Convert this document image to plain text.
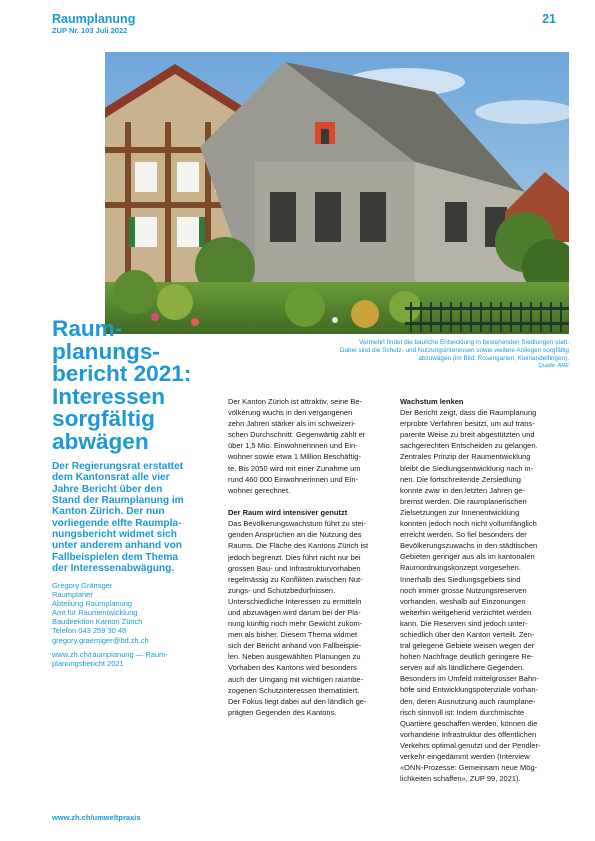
Raumplanung
ZUP Nr. 103 Juli 2022
21
Vermehrt findet die bauliche Entwicklung in bestehenden Siedlungen statt.
Dabei sind die Schutz- und Nutzungsinteressen sowie weitere Anliegen sorgfältig
abzuwägen (im Bild: Rosengarten, Kleinandelfingen).
Quelle: ARE
Raum-
planungs-
bericht 2021:
Interessen
sorgfältig
abwägen
Der Regierungsrat erstattet
dem Kantonsrat alle vier
Jahre Bericht über den
Stand der Raumplanung im
Kanton Zürich. Der nun
vorliegende elfte Raumpla-
nungsbericht widmet sich
unter anderem anhand von
Fallbeispielen dem Thema
der Interessenabwägung.
Gregory Grämiger
Raumplaner
Abteilung Raumplanung
Amt für Raumentwicklung
Baudirektion Kanton Zürich
Telefon 043 259 30 48
gregory.graemiger@bd.zh.ch
www.zh.ch/raumplanung — Raum-
planungsbericht 2021

Der Kanton Zürich ist attraktiv, seine Be-
völkerung wuchs in den vergangenen
zehn Jahren stärker als im schweizeri-
schen Durchschnitt. Gegenwärtig zählt er
über 1,5 Mio. Einwohnerinnen und Ein-
wohner sowie etwa 1 Million Beschäftig-
te. Bis 2050 wird mit einer Zunahme um
rund 460 000 Einwohnerinnen und Ein-
wohner gerechnet.

Der Raum wird intensiver genutzt

Das Bevölkerungswachstum führt zu stei-
genden Ansprüchen an die Nutzung des
Raums. Die Fläche des Kantons Zürich ist
jedoch begrenzt. Dies führt nicht nur bei
grossen Bau- und Infrastrukturvorhaben
regelmässig zu Konflikten zwischen Nut-
zungs- und Schutzbedürfnissen.
Unterschiedliche Interessen zu ermitteln
und abzuwägen wird darum bei der Pla-
nung künftig noch mehr Gewicht zukom-
men als bisher. Diesem Thema widmet
sich der Bericht anhand von Fallbeispie-
len. Neben ausgewählten Planungen zu
Vorhaben des Kantons wird besonders
auch der Umgang mit wichtigen raumbe-
zogenen Schutzinteressen thematisiert.
Der Fokus liegt dabei auf den ländlich ge-
prägten Gegenden des Kantons.

Wachstum lenken

Der Bericht zeigt, dass die Raumplanung
erprobte Verfahren besitzt, um auf trans-
parente Weise zu breit abgestützten und
sachgerechten Entscheiden zu gelangen.
Zentrales Prinzip der Raumentwicklung
bleibt die Siedlungsentwicklung nach in-
nen. Die fortschreitende Zersiedlung
konnte zwar in den letzten Jahren ge-
bremst werden. Die raumplanerischen
Zielsetzungen zur Innenentwicklung
konnten jedoch noch nicht vollumfänglich
erreicht werden. So fiel besonders der
Bevölkerungszuwachs in den städtischen
Gebieten geringer aus als im kantonalen
Raumordnungskonzept vorgesehen.
Innerhalb des Siedlungsgebiets sind
noch immer grosse Nutzungsreserven
vorhanden, weshalb auf Einzonungen
weiterhin weitgehend verzichtet werden
kann. Die Reserven sind jedoch unter-
schiedlich über den Kanton verteilt. Zen-
tral gelegene Gebiete weisen wegen der
hohen Nachfrage deutlich geringere Re-
serven auf als ländlichere Gegenden.
Besonders im Umfeld mittelgrosser Bahn-
höfe sind Entwicklungspotenziale vorhan-
den, deren Ausnutzung auch raumplane-
risch sinnvoll ist: Indem durchmischte
Quartiere geschaffen werden, können die
vorhandene Infrastruktur des öffentlichen
Verkehrs optimal genutzt und der Pendler-
verkehr eingedämmt werden (Interview
«ONN-Prozesse: Gemeinsam neue Mög-
lichkeiten schaffen», ZUP 99, 2021).

www.zh.ch/umweltpraxis
